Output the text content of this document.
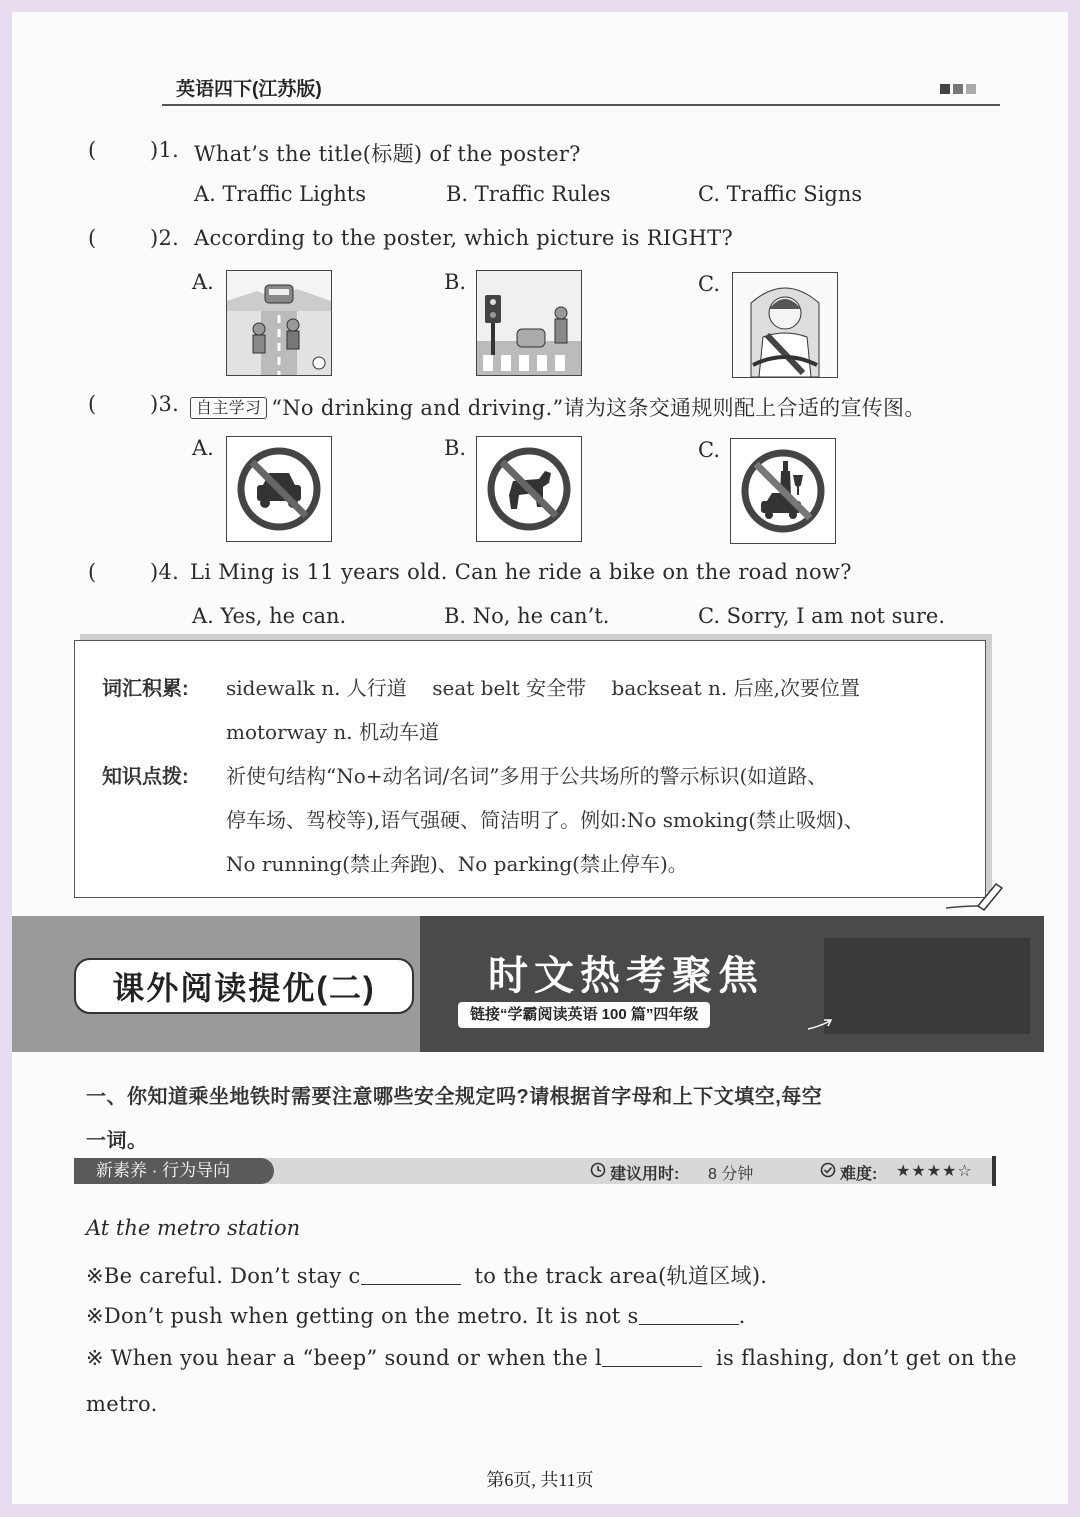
英语四下(江苏版)
(	)1. What’s the title(标题) of the poster?
A. Traffic Lights	B. Traffic Rules	C. Traffic Signs
(	)2. According to the poster, which picture is RIGHT?
A.	B.	C.
(	)3.	自主学习 “No drinking and driving.”请为这条交通规则配上合适的宣传图。
A.	B.	C.
(	)4. Li Ming is 11 years old. Can he ride a bike on the road now?
A. Yes, he can.	B. No, he can’t.	C. Sorry, I am not sure.
词汇积累: sidewalk n. 人行道    seat belt 安全带    backseat n. 后座,次要位置
motorway n. 机动车道
知识点拨: 祈使句结构“No+动名词/名词”多用于公共场所的警示标识(如道路、
停车场、驾校等),语气强硬、简洁明了。例如:No smoking(禁止吸烟)、
No running(禁止奔跑)、No parking(禁止停车)。
课外阅读提优(二)	时文热考聚焦
链接“学霸阅读英语 100 篇”四年级
一、你知道乘坐地铁时需要注意哪些安全规定吗?请根据首字母和上下文填空,每空
一词。
新素养 · 行为导向	建议用时: 8 分钟	难度: ★★★★☆
At the metro station
※Be careful. Don’t stay c	to the track area(轨道区域).
※Don’t push when getting on the metro. It is not s	.
※ When you hear a “beep” sound or when the l	is flashing, don’t get on the
metro.
第6页, 共11页
